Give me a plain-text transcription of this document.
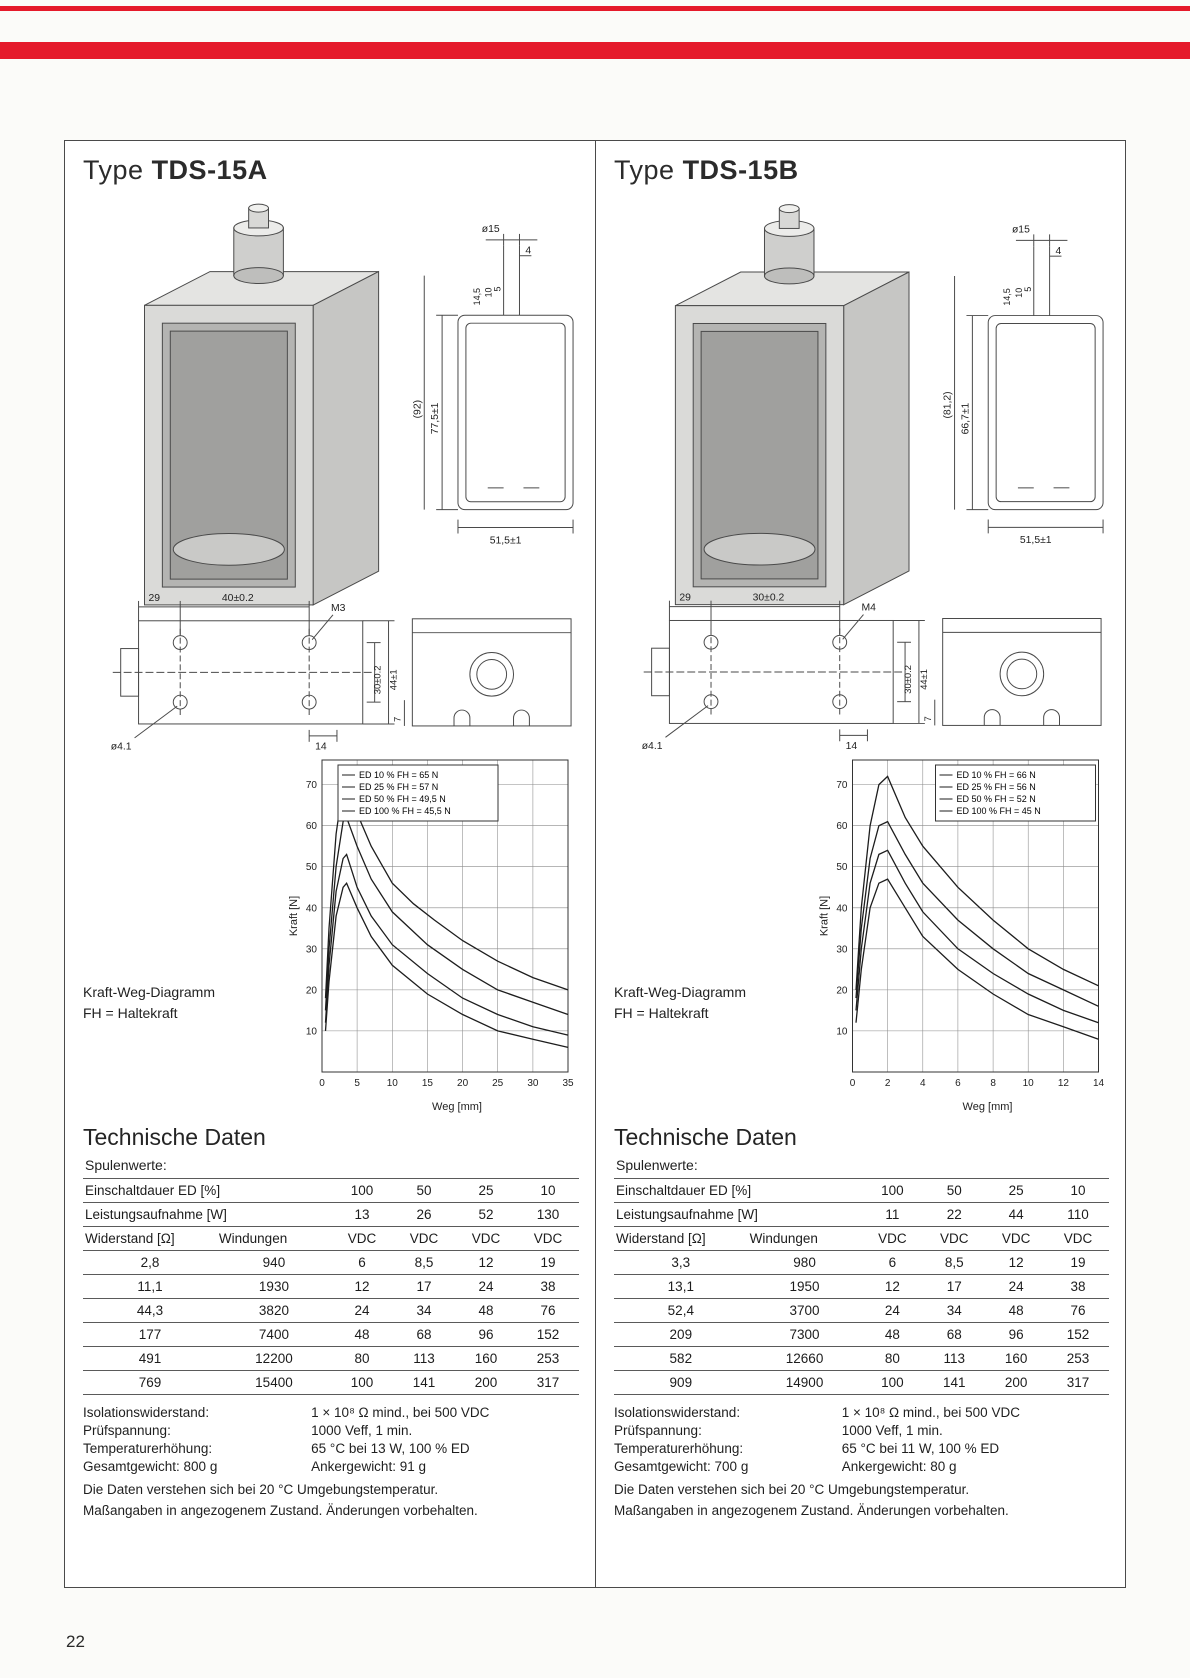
Type TDS-15A
ø15
4
14,5 10
5
77,5±1
(92)
51,5±1
29	40±0.2
M3
30±0.2 44±1
ø4.1	14
7
Kraft-Weg-Diagramm
FH = Haltekraft
ED 10 % FH = 65 N
ED 25 % FH = 57 N
ED 50 % FH = 49,5 N
ED 100 % FH = 45,5 N
0	5	10 15 20 25 30 35
10
20
30
40
50
60
70
Weg [mm]
Kraft [N]
Technische Daten
Spulenwerte:
Einschaltdauer ED [%]		100	50	25	10
Leistungsaufnahme [W]		13	26	52	130
Widerstand [Ω]	Windungen	VDC	VDC	VDC	VDC
2,8	940	6	8,5	12	19
11,1	1930	12	17	24	38
44,3	3820	24	34	48	76
177	7400	48	68	96	152
491	12200	80	113	160	253
769	15400	100	141	200	317
Isolationswiderstand:	1 × 10⁸ Ω mind., bei 500 VDC
Prüfspannung:	1000 Veff, 1 min.
Temperaturerhöhung:	65 °C bei 13 W, 100 % ED
Gesamtgewicht: 800 g	Ankergewicht: 91 g
Die Daten verstehen sich bei 20 °C Umgebungstemperatur.
Maßangaben in angezogenem Zustand. Änderungen vorbehalten.
Type TDS-15B
ø15
4
14,5 10
5
66,7±1
(81,2)
51,5±1
29	30±0.2
M4
30±0.2 44±1
ø4.1	14
7
Kraft-Weg-Diagramm
FH = Haltekraft
ED 10 % FH = 66 N
ED 25 % FH = 56 N
ED 50 % FH = 52 N
ED 100 % FH = 45 N
0	2	4	6	8	10 12 14
10
20
30
40
50
60
70
Weg [mm]
Kraft [N]
Technische Daten
Spulenwerte:
Einschaltdauer ED [%]		100	50	25	10
Leistungsaufnahme [W]		11	22	44	110
Widerstand [Ω]	Windungen	VDC	VDC	VDC	VDC
3,3	980	6	8,5	12	19
13,1	1950	12	17	24	38
52,4	3700	24	34	48	76
209	7300	48	68	96	152
582	12660	80	113	160	253
909	14900	100	141	200	317
Isolationswiderstand:	1 × 10⁸ Ω mind., bei 500 VDC
Prüfspannung:	1000 Veff, 1 min.
Temperaturerhöhung:	65 °C bei 11 W, 100 % ED
Gesamtgewicht: 700 g	Ankergewicht: 80 g
Die Daten verstehen sich bei 20 °C Umgebungstemperatur.
Maßangaben in angezogenem Zustand. Änderungen vorbehalten.
22
